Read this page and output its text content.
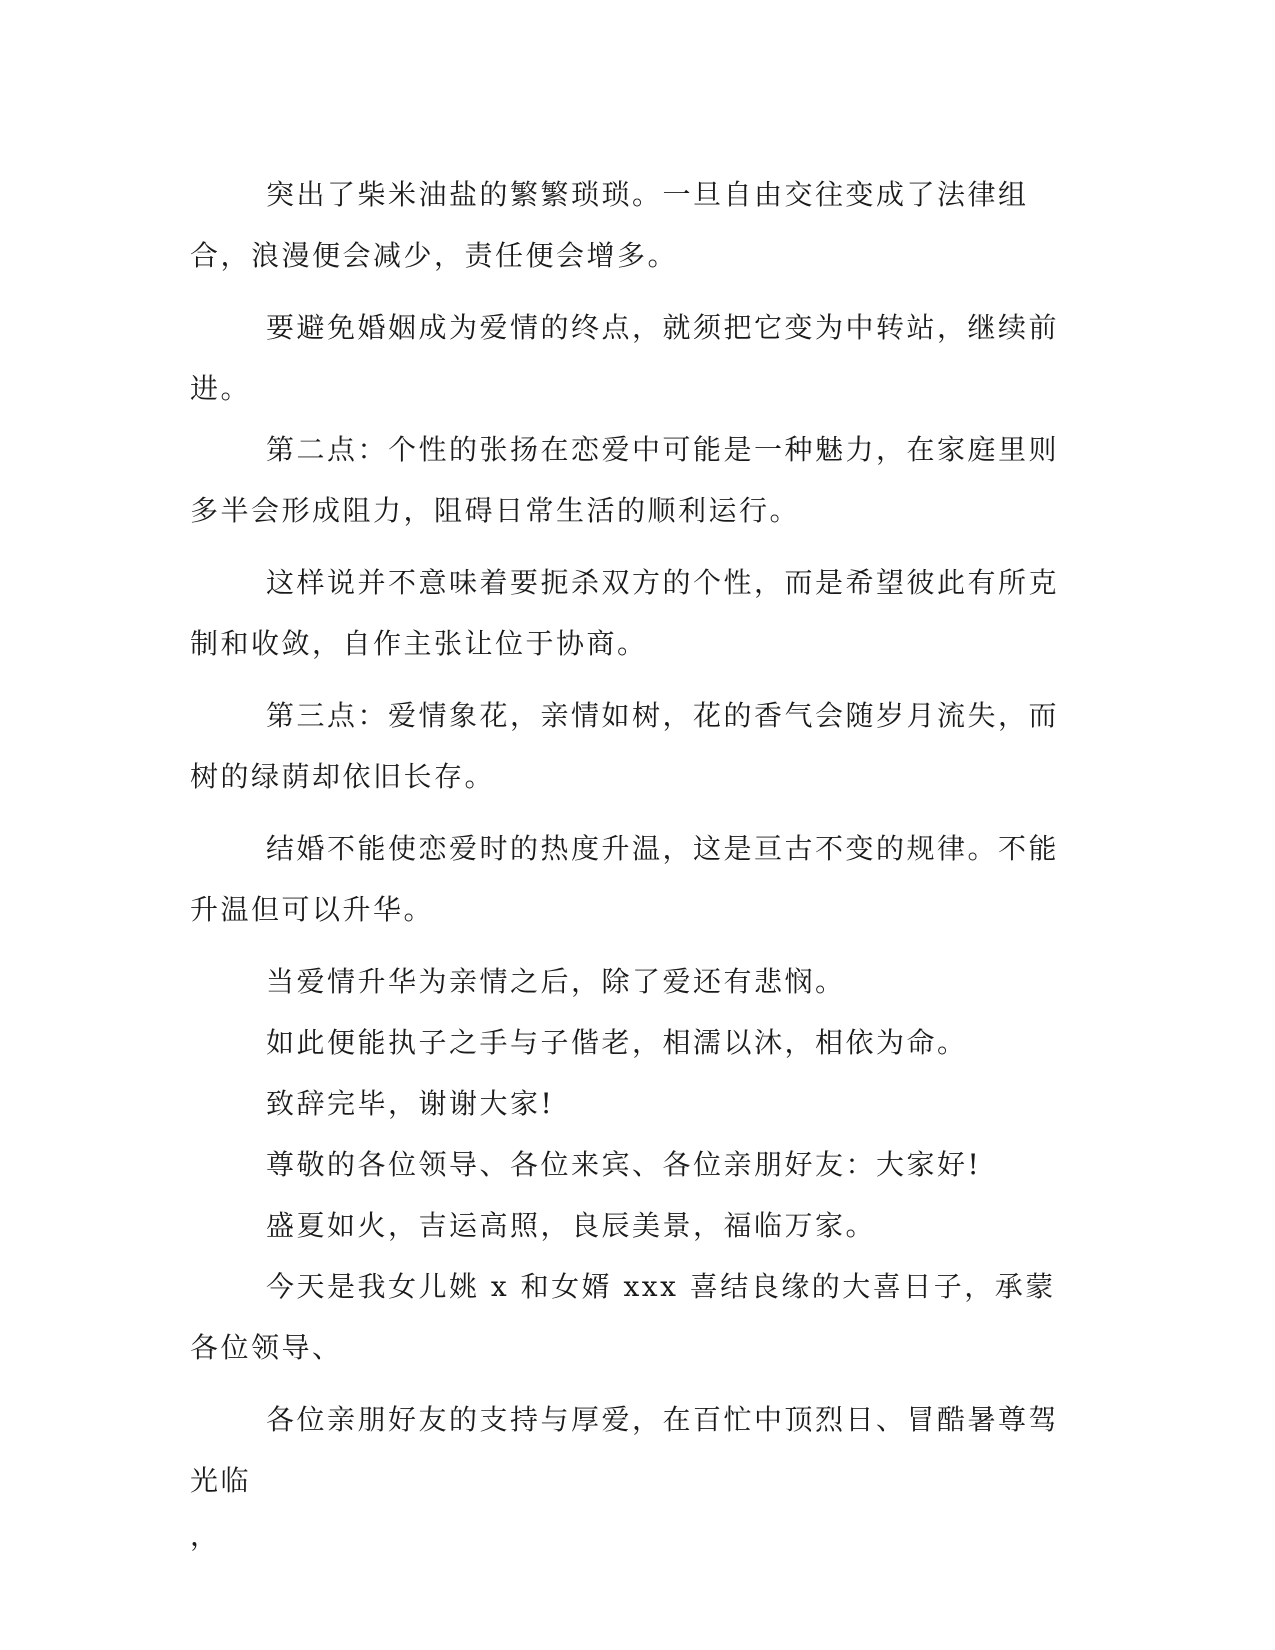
突出了柴米油盐的繁繁琐琐。一旦自由交往变成了法律组合，浪漫便会减少，责任便会增多。

要避免婚姻成为爱情的终点，就须把它变为中转站，继续前进。

第二点：个性的张扬在恋爱中可能是一种魅力，在家庭里则多半会形成阻力，阻碍日常生活的顺利运行。

这样说并不意味着要扼杀双方的个性，而是希望彼此有所克制和收敛，自作主张让位于协商。

第三点：爱情象花，亲情如树，花的香气会随岁月流失，而树的绿荫却依旧长存。

结婚不能使恋爱时的热度升温，这是亘古不变的规律。不能升温但可以升华。

当爱情升华为亲情之后，除了爱还有悲悯。

如此便能执子之手与子偕老，相濡以沐，相依为命。

致辞完毕，谢谢大家!

尊敬的各位领导、各位来宾、各位亲朋好友：大家好!

盛夏如火，吉运高照，良辰美景，福临万家。

今天是我女儿姚 x 和女婿 xxx 喜结良缘的大喜日子，承蒙各位领导、

各位亲朋好友的支持与厚爱，在百忙中顶烈日、冒酷暑尊驾光临

，
